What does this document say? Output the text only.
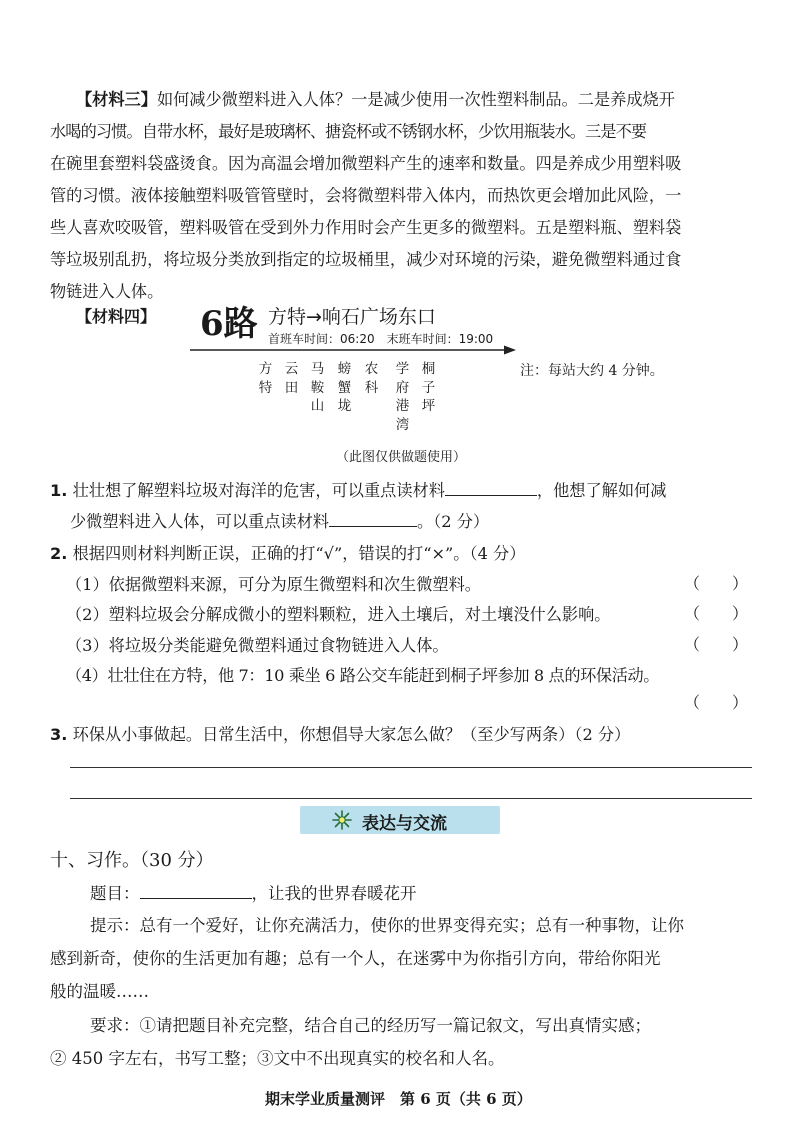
【材料三】如何减少微塑料进入人体？一是减少使用一次性塑料制品。二是养成烧开
水喝的习惯。自带水杯，最好是玻璃杯、搪瓷杯或不锈钢水杯，少饮用瓶装水。三是不要
在碗里套塑料袋盛烫食。因为高温会增加微塑料产生的速率和数量。四是养成少用塑料吸
管的习惯。液体接触塑料吸管管壁时，会将微塑料带入体内，而热饮更会增加此风险，一
些人喜欢咬吸管，塑料吸管在受到外力作用时会产生更多的微塑料。五是塑料瓶、塑料袋
等垃圾别乱扔，将垃圾分类放到指定的垃圾桶里，减少对环境的污染，避免微塑料通过食
物链进入人体。
【材料四】 6路 方特→响石广场东口
首班车时间：06:20　末班车时间：19:00
方特
云田
马鞍山
螃蟹垅
农科
学府港湾
桐子坪
注：每站大约 4 分钟。
（此图仅供做题使用）
1. 壮壮想了解塑料垃圾对海洋的危害，可以重点读材料	，他想了解如何减
少微塑料进入人体，可以重点读材料	。（2 分）
2. 根据四则材料判断正误，正确的打“√”，错误的打“×”。（4 分）
（1）依据微塑料来源，可分为原生微塑料和次生微塑料。	（　　）
（2）塑料垃圾会分解成微小的塑料颗粒，进入土壤后，对土壤没什么影响。	（　　）
（3）将垃圾分类能避免微塑料通过食物链进入人体。	（　　）
（4）壮壮住在方特，他 7：10 乘坐 6 路公交车能赶到桐子坪参加 8 点的环保活动。
（　　）
3. 环保从小事做起。日常生活中，你想倡导大家怎么做？（至少写两条）（2 分）
表达与交流
十、习作。（30 分）
题目：	，让我的世界春暖花开
提示：总有一个爱好，让你充满活力，使你的世界变得充实；总有一种事物，让你
感到新奇，使你的生活更加有趣；总有一个人，在迷雾中为你指引方向，带给你阳光
般的温暖……
要求：①请把题目补充完整，结合自己的经历写一篇记叙文，写出真情实感；
② 450 字左右，书写工整；③文中不出现真实的校名和人名。
期末学业质量测评　第 6 页（共 6 页）
